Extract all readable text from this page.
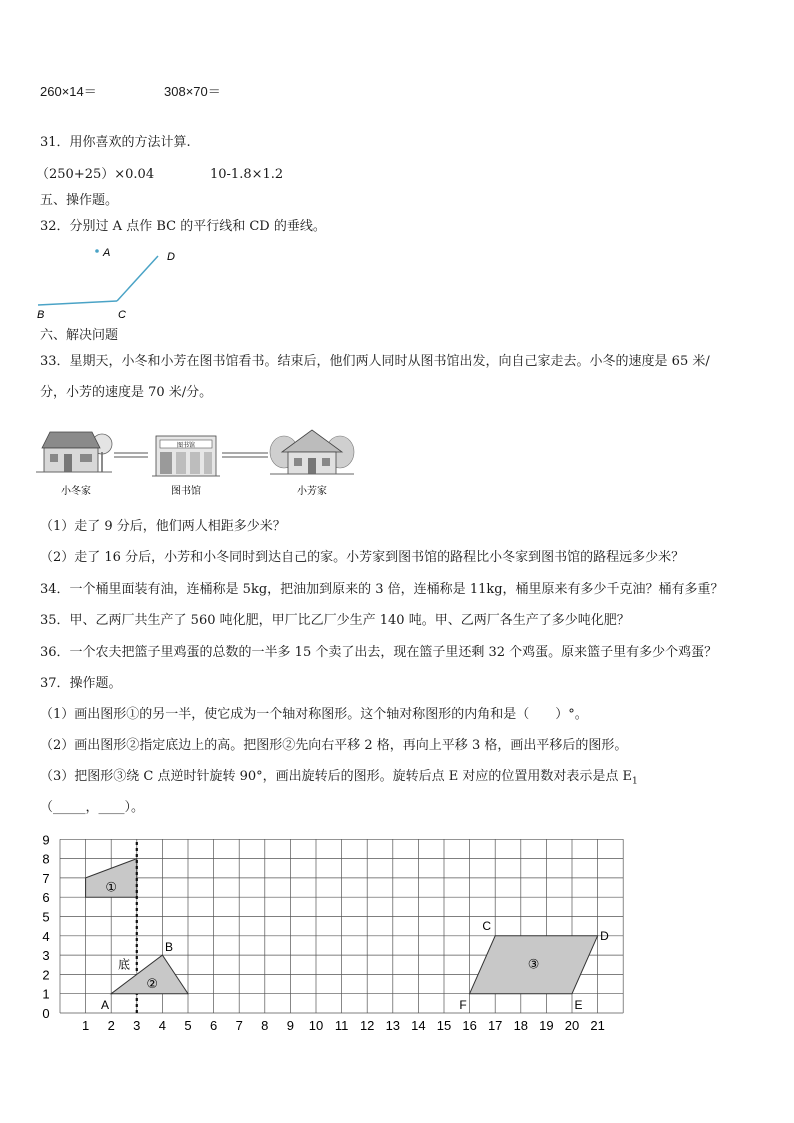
260×14＝	308×70＝
31．用你喜欢的方法计算.
（250+25）×0.04	10-1.8×1.2
五、操作题。
32．分别过 A 点作 BC 的平行线和 CD 的垂线。
A
B	C
D
六、解决问题
33．星期天，小冬和小芳在图书馆看书。结束后，他们两人同时从图书馆出发，向自己家走去。小冬的速度是 65 米/
分，小芳的速度是 70 米/分。
图书馆
小冬家	图书馆	小芳家
（1）走了 9 分后，他们两人相距多少米？
（2）走了 16 分后，小芳和小冬同时到达自己的家。小芳家到图书馆的路程比小冬家到图书馆的路程远多少米？
34．一个桶里面装有油，连桶称是 5kg，把油加到原来的 3 倍，连桶称是 11kg，桶里原来有多少千克油？桶有多重？
35．甲、乙两厂共生产了 560 吨化肥，甲厂比乙厂少生产 140 吨。甲、乙两厂各生产了多少吨化肥？
36．一个农夫把篮子里鸡蛋的总数的一半多 15 个卖了出去，现在篮子里还剩 32 个鸡蛋。原来篮子里有多少个鸡蛋？
37．操作题。
（1）画出图形①的另一半，使它成为一个轴对称图形。这个轴对称图形的内角和是（　　）°。
（2）画出图形②指定底边上的高。把图形②先向右平移 2 格，再向上平移 3 格，画出平移后的图形。
（3）把图形③绕 C 点逆时针旋转 90°，画出旋转后的图形。旋转后点 E 对应的位置用数对表示是点 $E_1$
（_____，____）。
1 2 3 4 5 6 7 8 9 10 11 12 13 14 15 16 17 18 19 20 21
0
1
2
3
4
5
6
7
8
9
A
B
C
D
E
F
①
②
③
底
